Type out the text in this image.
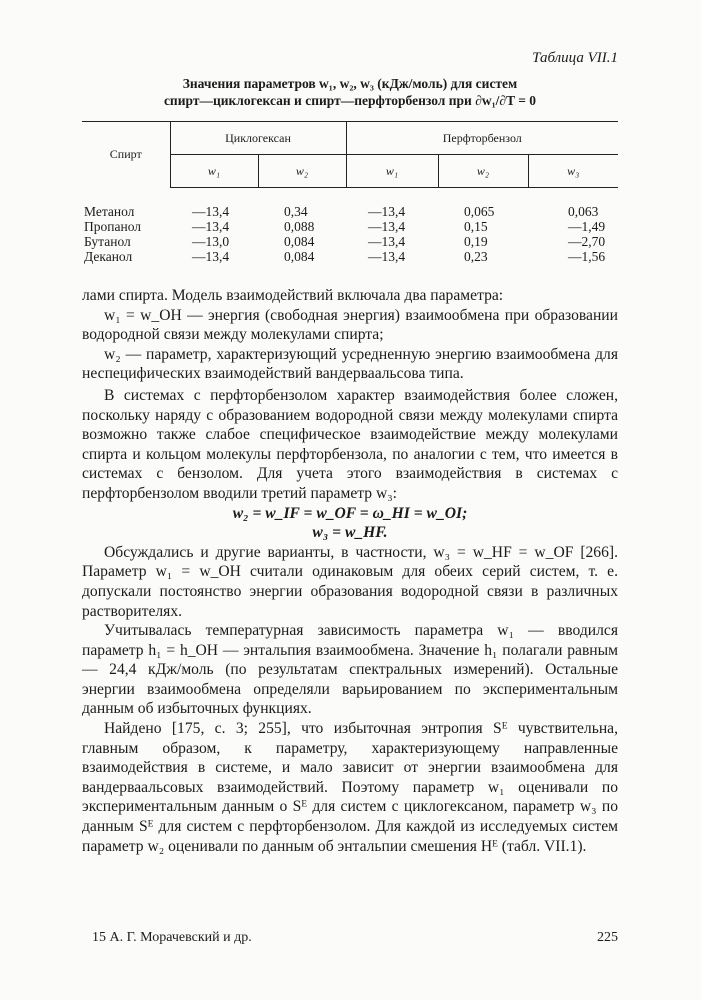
Таблица VII.1
Значения параметров w₁, w₂, w₃ (кДж/моль) для систем
спирт—циклогексан и спирт—перфторбензол при ∂w₁/∂T = 0
Спирт	Циклогексан		Перфторбензол		
	w₁	w₂	w₁	w₂	w₃
Метанол	—13,4	0,34	—13,4	0,065	0,063
Пропанол	—13,4	0,088	—13,4	0,15	—1,49
Бутанол	—13,0	0,084	—13,4	0,19	—2,70
Деканол	—13,4	0,084	—13,4	0,23	—1,56

лами спирта. Модель взаимодействий включала два параметра:

w₁ = w_OH — энергия (свободная энергия) взаимообмена при образовании водородной связи между молекулами спирта;

w₂ — параметр, характеризующий усредненную энергию взаимообмена для неспецифических взаимодействий вандерваальсова типа.

В системах с перфторбензолом характер взаимодействия более сложен, поскольку наряду с образованием водородной связи между молекулами спирта возможно также слабое специфическое взаимодействие между молекулами спирта и кольцом молекулы перфторбензола, по аналогии с тем, что имеется в системах с бензолом. Для учета этого взаимодействия в системах с перфторбензолом вводили третий параметр w₃:

w₂ = w_IF = w_OF = ω_HI = w_OI;

w₃ = w_HF.

Обсуждались и другие варианты, в частности, w₃ = w_HF = w_OF [266]. Параметр w₁ = w_OH считали одинаковым для обеих серий систем, т. е. допускали постоянство энергии образования водородной связи в различных растворителях.

Учитывалась температурная зависимость параметра w₁ — вводился параметр h₁ = h_OH — энтальпия взаимообмена. Значение h₁ полагали равным — 24,4 кДж/моль (по результатам спектральных измерений). Остальные энергии взаимообмена определяли варьированием по экспериментальным данным об избыточных функциях.

Найдено [175, с. 3; 255], что избыточная энтропия Sᴱ чувствительна, главным образом, к параметру, характеризующему направленные взаимодействия в системе, и мало зависит от энергии взаимообмена для вандерваальсовых взаимодействий. Поэтому параметр w₁ оценивали по экспериментальным данным о Sᴱ для систем с циклогексаном, параметр w₃ по данным Sᴱ для систем с перфторбензолом. Для каждой из исследуемых систем параметр w₂ оценивали по данным об энтальпии смешения Hᴱ (табл. VII.1).

15 А. Г. Морачевский и др.	225
